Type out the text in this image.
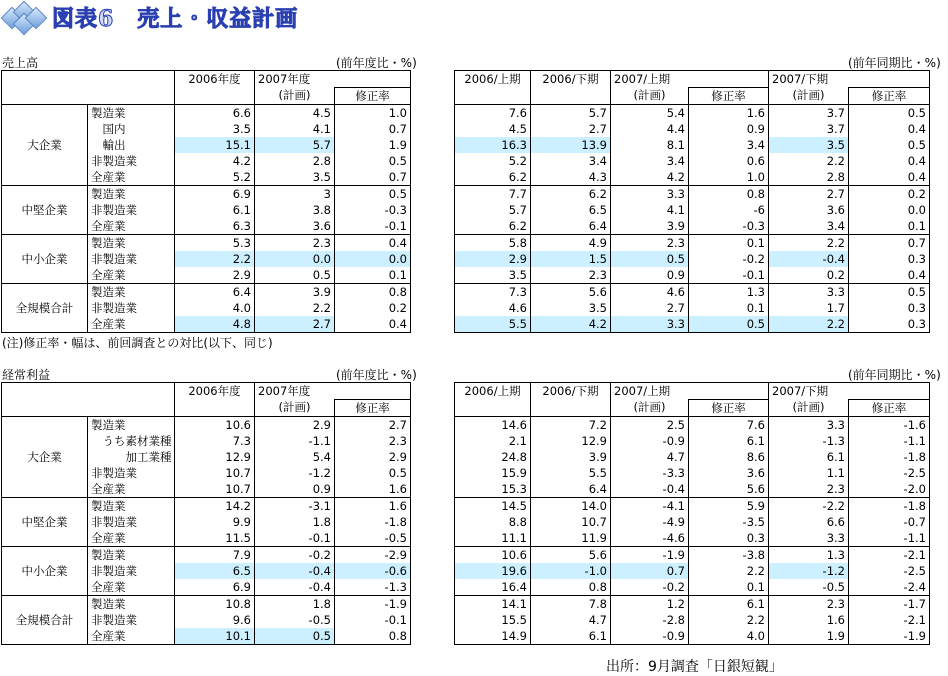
図表6　売上・収益計画
売上高	(前年度比・%)	(前年同期比・%)
		2006年度	2007年度	
			(計画)	修正率
大企業	製造業	6.6	4.5	1.0
	　国内	3.5	4.1	0.7
	　輸出	15.1	5.7	1.9
	非製造業	4.2	2.8	0.5
	全産業	5.2	3.5	0.7
中堅企業	製造業	6.9	3	0.5
	非製造業	6.1	3.8	-0.3
	全産業	6.3	3.6	-0.1
中小企業	製造業	5.3	2.3	0.4
	非製造業	2.2	0.0	0.0
	全産業	2.9	0.5	0.1
全規模合計	製造業	6.4	3.9	0.8
	非製造業	4.0	2.2	0.2
	全産業	4.8	2.7	0.4
2006/上期	2006/下期	2007/上期		2007/下期	
		(計画)	修正率	(計画)	修正率
7.6	5.7	5.4	1.6	3.7	0.5
4.5	2.7	4.4	0.9	3.7	0.4
16.3	13.9	8.1	3.4	3.5	0.5
5.2	3.4	3.4	0.6	2.2	0.4
6.2	4.3	4.2	1.0	2.8	0.4
7.7	6.2	3.3	0.8	2.7	0.2
5.7	6.5	4.1	-6	3.6	0.0
6.2	6.4	3.9	-0.3	3.4	0.1
5.8	4.9	2.3	0.1	2.2	0.7
2.9	1.5	0.5	-0.2	-0.4	0.3
3.5	2.3	0.9	-0.1	0.2	0.4
7.3	5.6	4.6	1.3	3.3	0.5
4.6	3.5	2.7	0.1	1.7	0.3
5.5	4.2	3.3	0.5	2.2	0.3
(注)修正率・幅は、前回調査との対比(以下、同じ)
経常利益	(前年度比・%)	(前年同期比・%)
		2006年度	2007年度	
			(計画)	修正率
大企業	製造業	10.6	2.9	2.7
	　うち素材業種	7.3	-1.1	2.3
	　　　加工業種	12.9	5.4	2.9
	非製造業	10.7	-1.2	0.5
	全産業	10.7	0.9	1.6
中堅企業	製造業	14.2	-3.1	1.6
	非製造業	9.9	1.8	-1.8
	全産業	11.5	-0.1	-0.5
中小企業	製造業	7.9	-0.2	-2.9
	非製造業	6.5	-0.4	-0.6
	全産業	6.9	-0.4	-1.3
全規模合計	製造業	10.8	1.8	-1.9
	非製造業	9.6	-0.5	-0.1
	全産業	10.1	0.5	0.8
2006/上期	2006/下期	2007/上期		2007/下期	
		(計画)	修正率	(計画)	修正率
14.6	7.2	2.5	7.6	3.3	-1.6
2.1	12.9	-0.9	6.1	-1.3	-1.1
24.8	3.9	4.7	8.6	6.1	-1.8
15.9	5.5	-3.3	3.6	1.1	-2.5
15.3	6.4	-0.4	5.6	2.3	-2.0
14.5	14.0	-4.1	5.9	-2.2	-1.8
8.8	10.7	-4.9	-3.5	6.6	-0.7
11.1	11.9	-4.6	0.3	3.3	-1.1
10.6	5.6	-1.9	-3.8	1.3	-2.1
19.6	-1.0	0.7	2.2	-1.2	-2.5
16.4	0.8	-0.2	0.1	-0.5	-2.4
14.1	7.8	1.2	6.1	2.3	-1.7
15.5	4.7	-2.8	2.2	1.6	-2.1
14.9	6.1	-0.9	4.0	1.9	-1.9
出所：9月調査「日銀短観」
